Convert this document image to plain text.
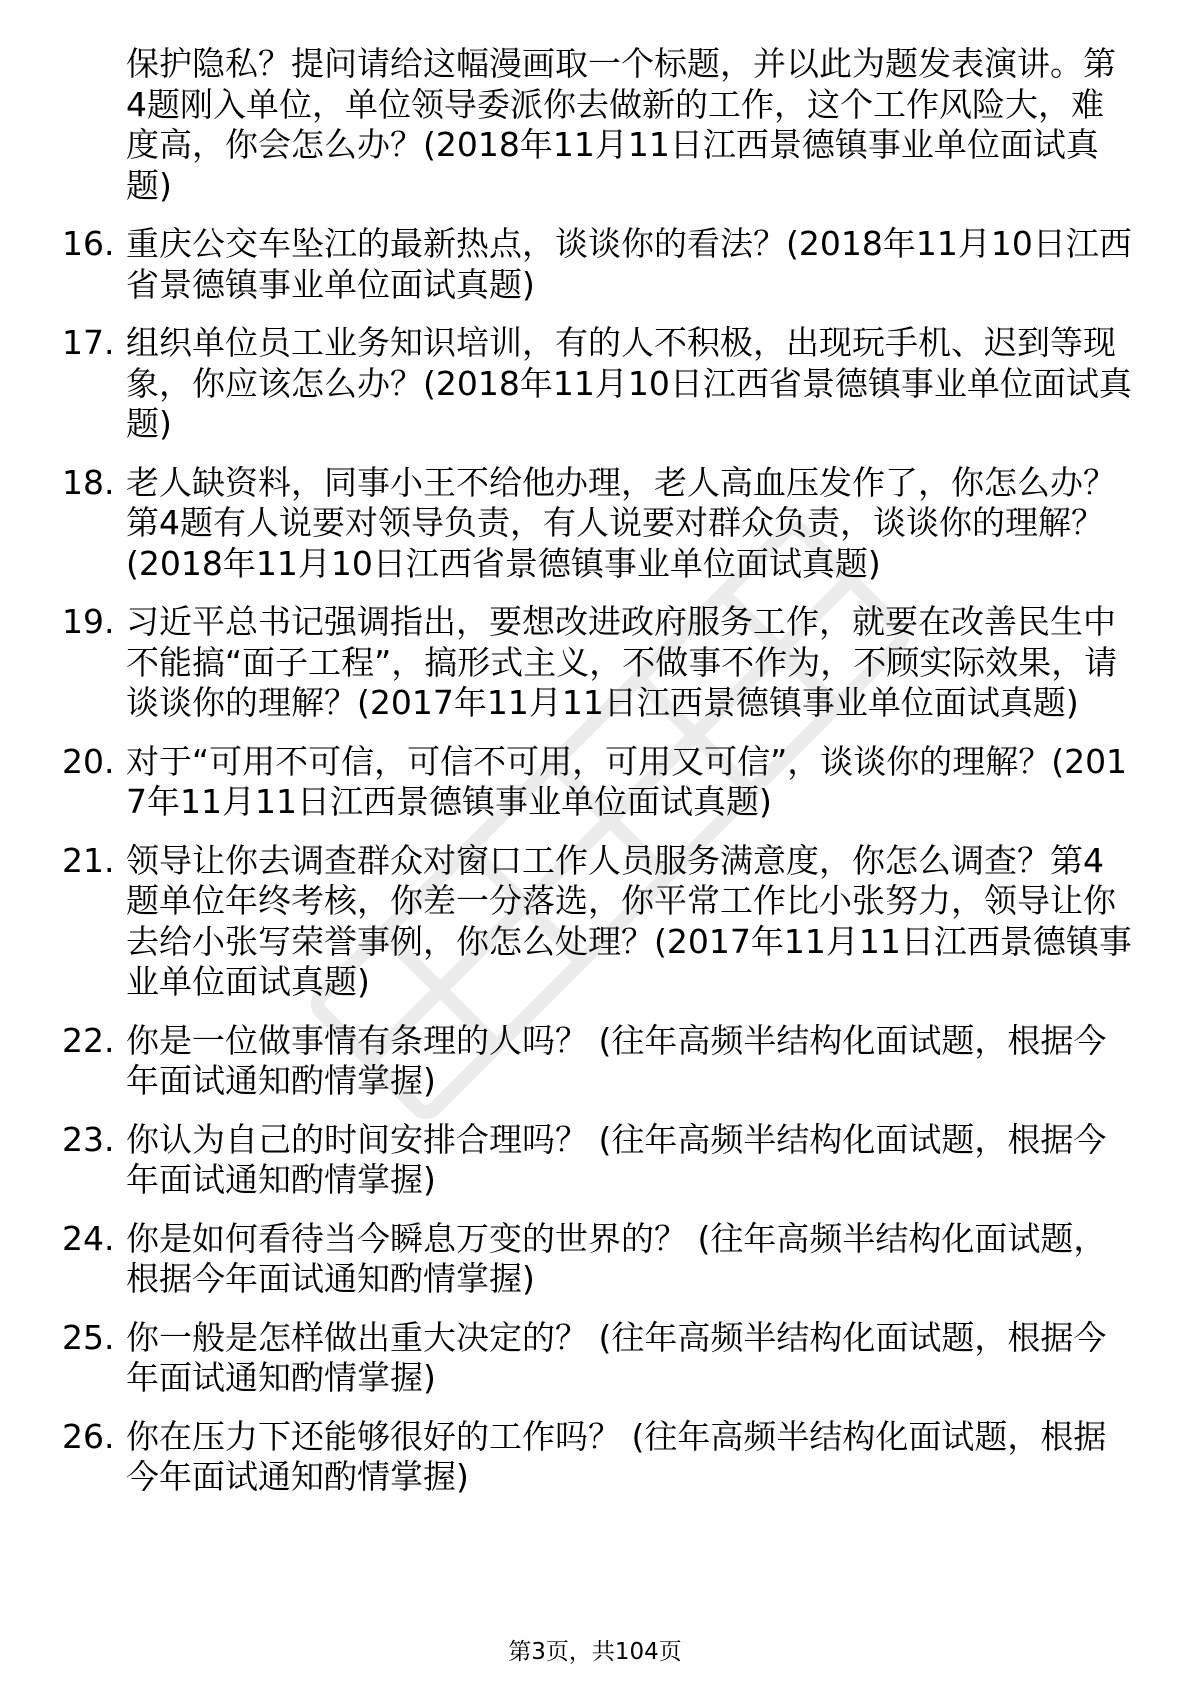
保护隐私？提问请给这幅漫画取一个标题，并以此为题发表演讲。第4题刚入单位，单位领导委派你去做新的工作，这个工作风险大，难度高，你会怎么办？(2018年11月11日江西景德镇事业单位面试真题)

16. 重庆公交车坠江的最新热点，谈谈你的看法？(2018年11月10日江西省景德镇事业单位面试真题)
17. 组织单位员工业务知识培训，有的人不积极，出现玩手机、迟到等现象，你应该怎么办？(2018年11月10日江西省景德镇事业单位面试真题)
18. 老人缺资料，同事小王不给他办理，老人高血压发作了，你怎么办？第4题有人说要对领导负责，有人说要对群众负责，谈谈你的理解？(2018年11月10日江西省景德镇事业单位面试真题)
19. 习近平总书记强调指出，要想改进政府服务工作，就要在改善民生中不能搞“面子工程”，搞形式主义，不做事不作为，不顾实际效果，请谈谈你的理解？(2017年11月11日江西景德镇事业单位面试真题)
20. 对于“可用不可信，可信不可用，可用又可信”，谈谈你的理解？(2017年11月11日江西景德镇事业单位面试真题)
21. 领导让你去调查群众对窗口工作人员服务满意度，你怎么调查？第4题单位年终考核，你差一分落选，你平常工作比小张努力，领导让你去给小张写荣誉事例，你怎么处理？(2017年11月11日江西景德镇事业单位面试真题)
22. 你是一位做事情有条理的人吗？ (往年高频半结构化面试题，根据今年面试通知酌情掌握)
23. 你认为自己的时间安排合理吗？ (往年高频半结构化面试题，根据今年面试通知酌情掌握)
24. 你是如何看待当今瞬息万变的世界的？ (往年高频半结构化面试题，根据今年面试通知酌情掌握)
25. 你一般是怎样做出重大决定的？ (往年高频半结构化面试题，根据今年面试通知酌情掌握)
26. 你在压力下还能够很好的工作吗？ (往年高频半结构化面试题，根据今年面试通知酌情掌握)
第3页，共104页
